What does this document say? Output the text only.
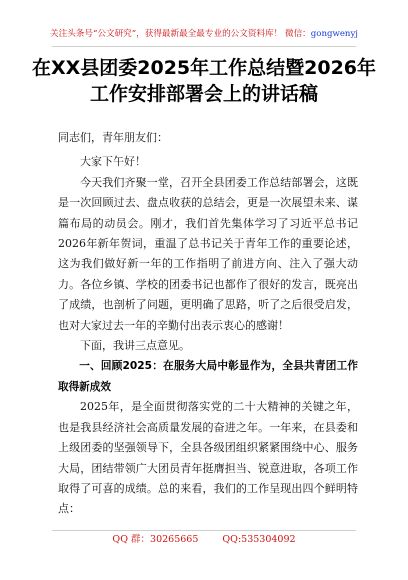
关注头条号“公文研究”，获得最新最全最专业的公文资料库！ 微信：gongwenyj
在XX县团委2025年工作总结暨2026年
工作安排部署会上的讲话稿

同志们，青年朋友们：

大家下午好！

今天我们齐聚一堂，召开全县团委工作总结部署会，这既是一次回顾过去、盘点收获的总结会，更是一次展望未来、谋篇布局的动员会。刚才，我们首先集体学习了习近平总书记2026年新年贺词，重温了总书记关于青年工作的重要论述，这为我们做好新一年的工作指明了前进方向、注入了强大动力。各位乡镇、学校的团委书记也都作了很好的发言，既亮出了成绩，也剖析了问题，更明确了思路，听了之后很受启发，也对大家过去一年的辛勤付出表示衷心的感谢！

下面，我讲三点意见。

一、回顾2025：在服务大局中彰显作为，全县共青团工作取得新成效

2025年，是全面贯彻落实党的二十大精神的关键之年，也是我县经济社会高质量发展的奋进之年。一年来，在县委和上级团委的坚强领导下，全县各级团组织紧紧围绕中心、服务大局，团结带领广大团员青年挺膺担当、锐意进取，各项工作取得了可喜的成绩。总的来看，我们的工作呈现出四个鲜明特点：

QQ 群：30265665	QQ:535304092
